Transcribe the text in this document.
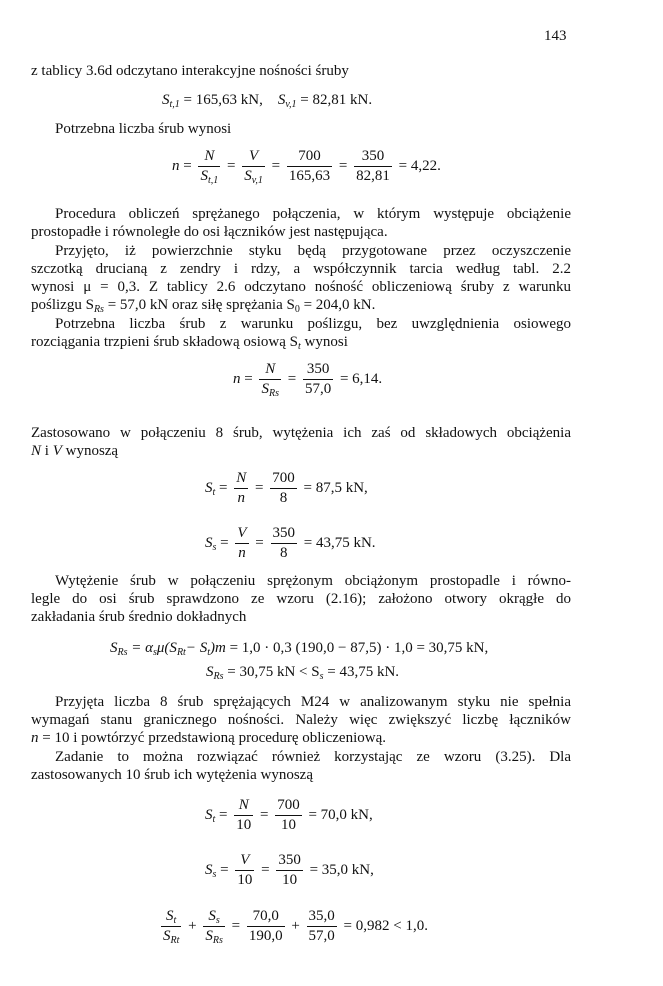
143
z tablicy 3.6d odczytano interakcyjne nośności śruby
$S_{t,1} = 165,63$ kN, $S_{v,1} = 82,81$ kN.
Potrzebna liczba śrub wynosi
$n = \frac{N}{S_{t,1}} = \frac{V}{S_{v,1}} = \frac{700}{165,63} = \frac{350}{82,81} = 4,22$.
Procedura obliczeń sprężanego połączenia, w którym występuje obciążenie
prostopadłe i równoległe do osi łączników jest następująca.
Przyjęto, iż powierzchnie styku będą przygotowane przez oczyszczenie
szczotką drucianą z zendry i rdzy, a współczynnik tarcia według tabl. 2.2
wynosi μ = 0,3. Z tablicy 2.6 odczytano nośność obliczeniową śruby z warunku
poślizgu $S_{Rs} = 57,0$ kN oraz siłę sprężania $S_0 = 204,0$ kN.
Potrzebna liczba śrub z warunku poślizgu, bez uwzględnienia osiowego
rozciągania trzpieni śrub składową osiową $S_t$ wynosi
$n = \frac{N}{S_{Rs}} = \frac{350}{57,0} = 6,14$.
Zastosowano w połączeniu 8 śrub, wytężenia ich zaś od składowych obciążenia
N i V wynoszą
$S_t = \frac{N}{n} = \frac{700}{8} = 87,5$ kN,
$S_s = \frac{V}{n} = \frac{350}{8} = 43,75$ kN.
Wytężenie śrub w połączeniu sprężonym obciążonym prostopadle i równo-
legle do osi śrub sprawdzono ze wzoru (2.16); założono otwory okrągłe do
zakładania śrub średnio dokładnych
$S_{Rs} = \alpha_s\mu(S_{Rt}- S_t)m = 1,0 \cdot 0,3$ (190,0 − 87,5) · 1,0 = 30,75 kN,
$S_{Rs} = 30,75$ kN < $S_s = 43,75$ kN.
Przyjęta liczba 8 śrub sprężających M24 w analizowanym styku nie spełnia
wymagań stanu granicznego nośności. Należy więc zwiększyć liczbę łączników
n = 10 i powtórzyć przedstawioną procedurę obliczeniową.
Zadanie to można rozwiązać również korzystając ze wzoru (3.25). Dla
zastosowanych 10 śrub ich wytężenia wynoszą
$S_t = \frac{N}{10} = \frac{700}{10} = 70,0$ kN,
$S_s = \frac{V}{10} = \frac{350}{10} = 35,0$ kN,
$\frac{S_t}{S_{Rt}} + \frac{S_s}{S_{Rs}} = \frac{70,0}{190,0} + \frac{35,0}{57,0} = 0,982 < 1,0$.
